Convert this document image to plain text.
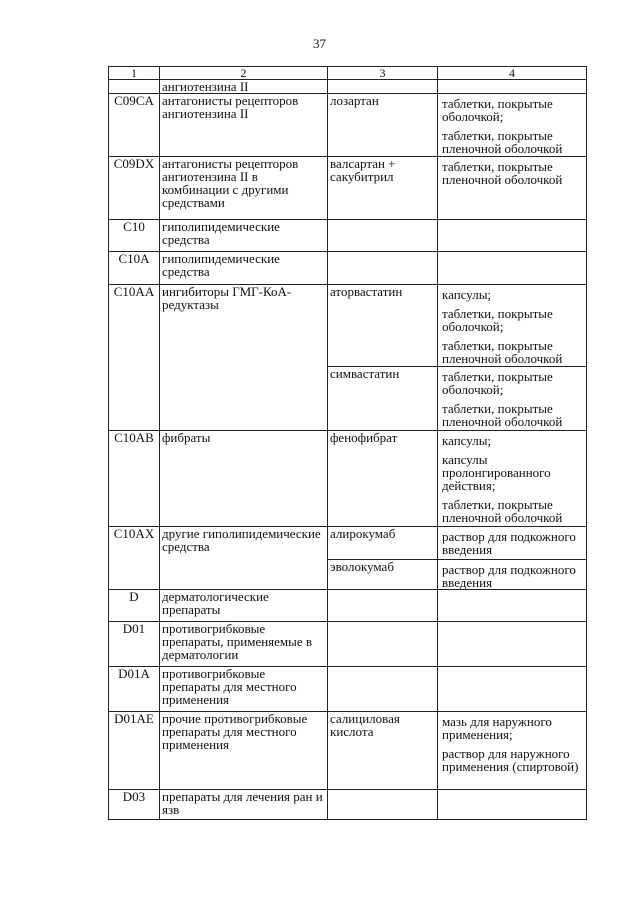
37
1	2	3	4
	ангиотензина II		
C09CA	антагонисты рецепторов ангиотензина II	лозартан	таблетки, покрытые оболочкой;
таблетки, покрытые пленочной оболочкой

C09DX	антагонисты рецепторов ангиотензина II в комбинации с другими средствами	валсартан + сакубитрил	таблетки, покрытые пленочной оболочкой

C10	гиполипидемические средства		
C10A	гиполипидемические средства		
C10AA	ингибиторы ГМГ-КоА-редуктазы	аторвастатин	капсулы;
таблетки, покрытые оболочкой;
таблетки, покрытые пленочной оболочкой

		симвастатин	таблетки, покрытые оболочкой;
таблетки, покрытые пленочной оболочкой

C10AB	фибраты	фенофибрат	капсулы;
капсулы пролонгированного действия;
таблетки, покрытые пленочной оболочкой

C10AX	другие гиполипидемические средства	алирокумаб	раствор для подкожного введения

		эволокумаб	раствор для подкожного введения

D	дерматологические препараты		
D01	противогрибковые препараты, применяемые в дерматологии		
D01A	противогрибковые препараты для местного применения		
D01AE	прочие противогрибковые препараты для местного применения	салициловая кислота	мазь для наружного применения;
раствор для наружного применения (спиртовой)

D03	препараты для лечения ран и язв		
